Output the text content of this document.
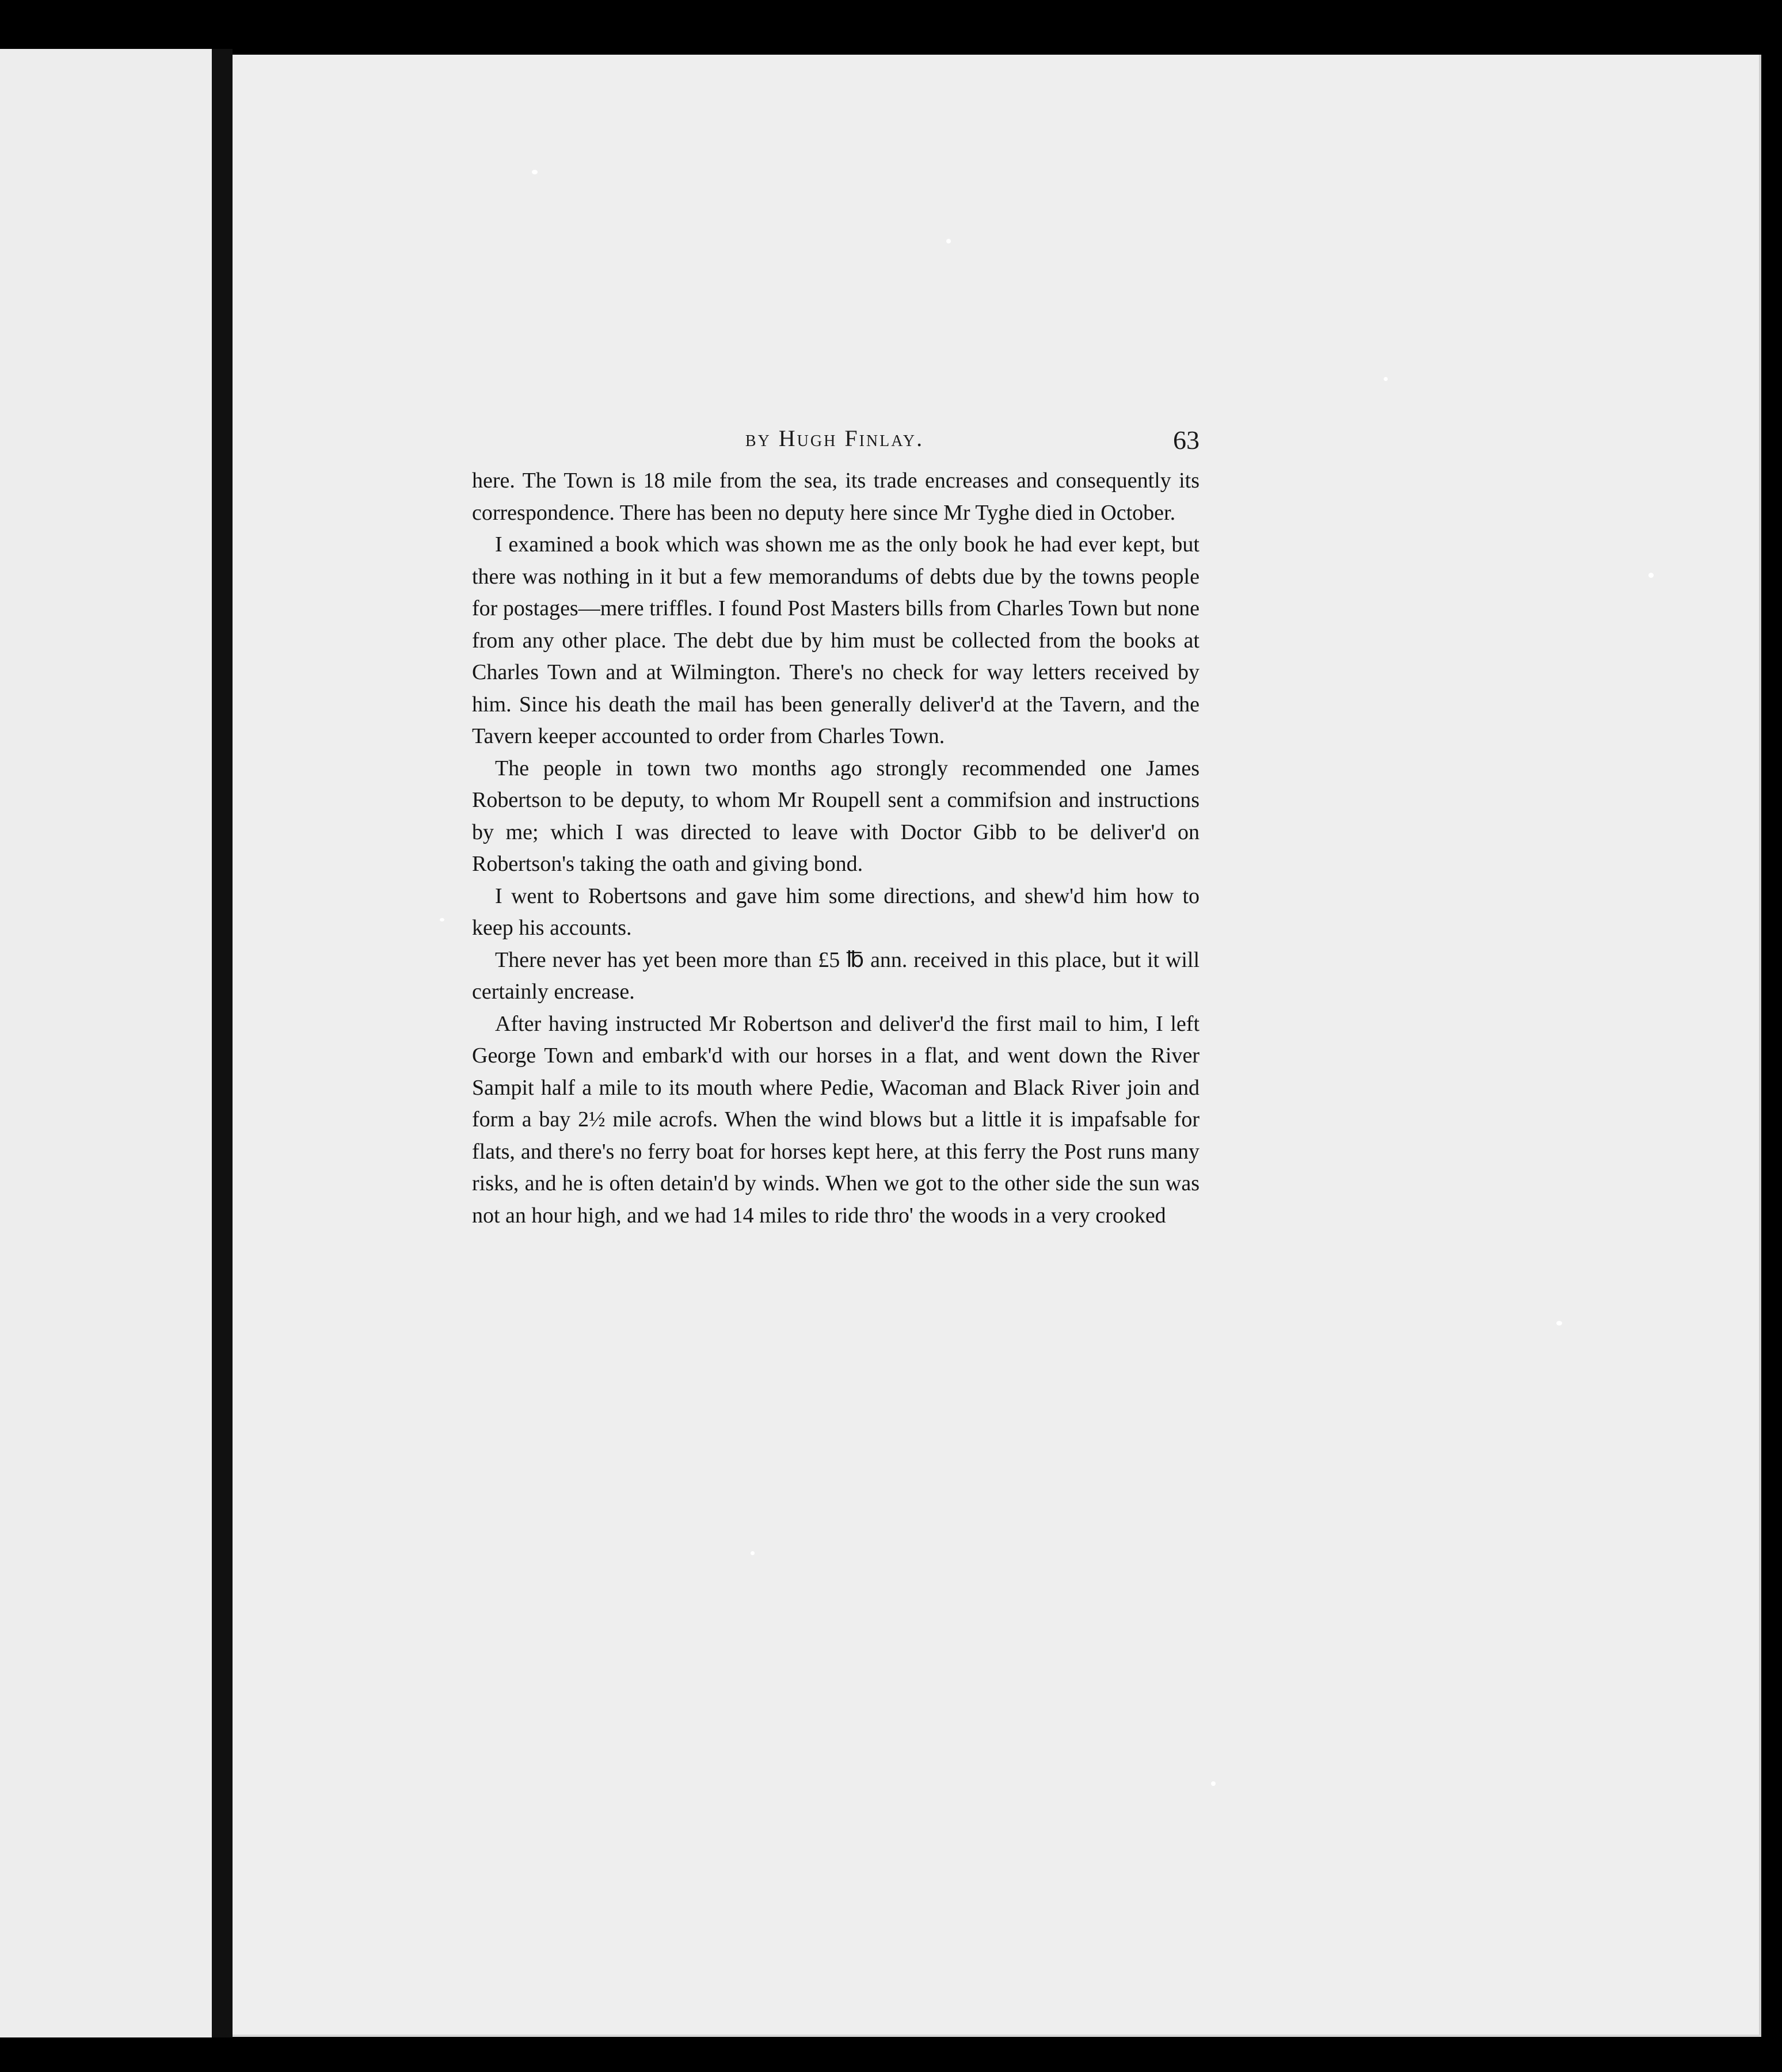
by Hugh Finlay.	63

here. The Town is 18 mile from the sea, its trade encreases and consequently its correspondence. There has been no deputy here since Mr Tyghe died in October.

I examined a book which was shown me as the only book he had ever kept, but there was nothing in it but a few memorandums of debts due by the towns people for postages—mere triffles. I found Post Masters bills from Charles Town but none from any other place. The debt due by him must be collected from the books at Charles Town and at Wilmington. There's no check for way letters received by him. Since his death the mail has been generally deliver'd at the Tavern, and the Tavern keeper accounted to order from Charles Town.

The people in town two months ago strongly recommended one James Robertson to be deputy, to whom Mr Roupell sent a commifsion and instructions by me; which I was directed to leave with Doctor Gibb to be deliver'd on Robertson's taking the oath and giving bond.

I went to Robertsons and gave him some directions, and shew'd him how to keep his accounts.

There never has yet been more than £5 ℔ ann. received in this place, but it will certainly encrease.

After having instructed Mr Robertson and deliver'd the first mail to him, I left George Town and embark'd with our horses in a flat, and went down the River Sampit half a mile to its mouth where Pedie, Wacoman and Black River join and form a bay 2½ mile acrofs. When the wind blows but a little it is impafsable for flats, and there's no ferry boat for horses kept here, at this ferry the Post runs many risks, and he is often detain'd by winds. When we got to the other side the sun was not an hour high, and we had 14 miles to ride thro' the woods in a very crooked
